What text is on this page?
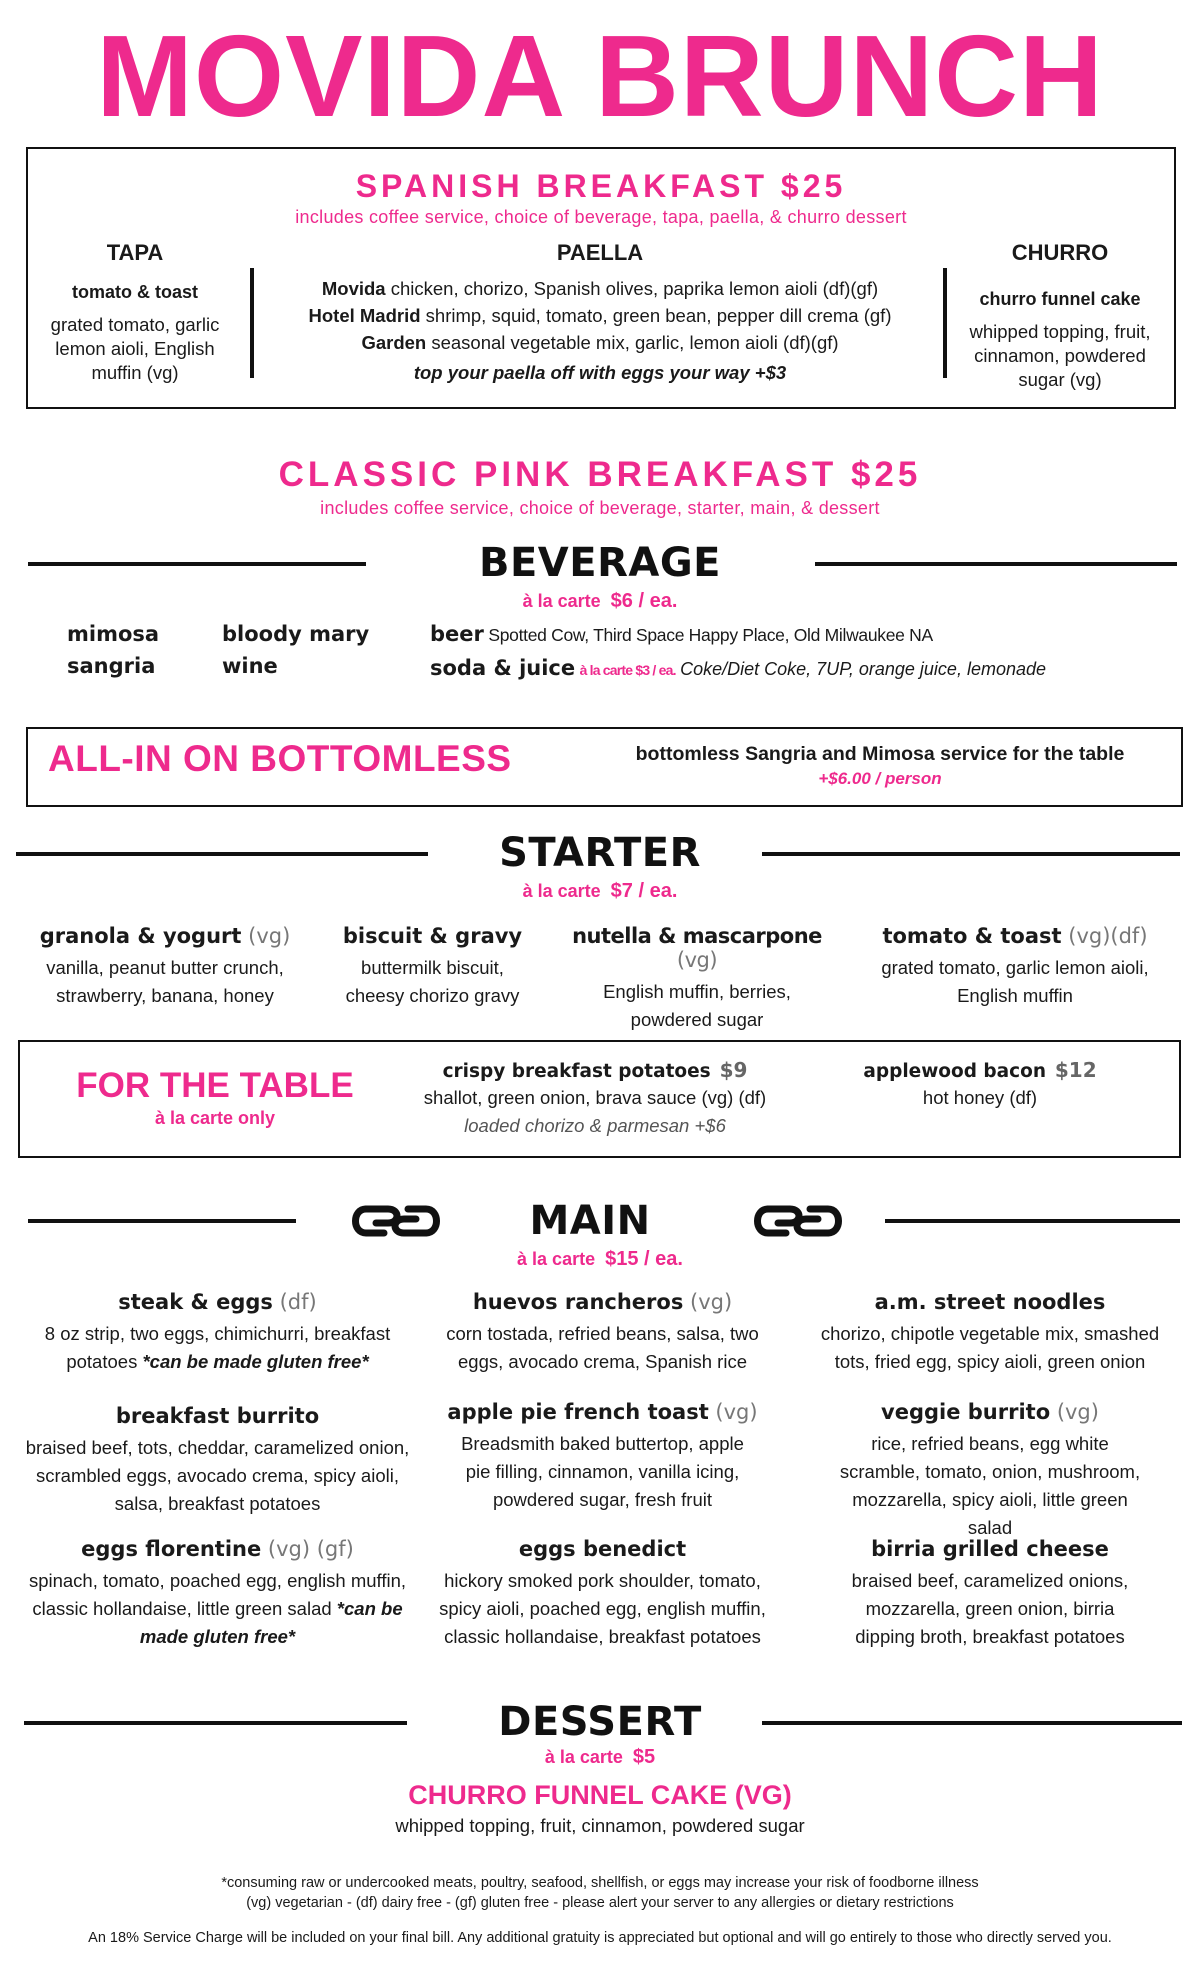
MOVIDA BRUNCH
SPANISH BREAKFAST $25
includes coffee service, choice of beverage, tapa, paella, & churro dessert
TAPA
tomato & toast
grated tomato, garlic lemon aioli, English muffin (vg)
PAELLA
Movida chicken, chorizo, Spanish olives, paprika lemon aioli (df)(gf)
Hotel Madrid shrimp, squid, tomato, green bean, pepper dill crema (gf)
Garden seasonal vegetable mix, garlic, lemon aioli (df)(gf)
top your paella off with eggs your way +$3
CHURRO
churro funnel cake
whipped topping, fruit, cinnamon, powdered sugar (vg)
CLASSIC PINK BREAKFAST $25
includes coffee service, choice of beverage, starter, main, & dessert
BEVERAGE
à la carte $6 / ea.
mimosa
sangria
bloody mary
wine
beer Spotted Cow, Third Space Happy Place, Old Milwaukee NA
soda & juice à la carte $3 / ea. Coke/Diet Coke, 7UP, orange juice, lemonade
ALL-IN ON BOTTOMLESS	bottomless Sangria and Mimosa service for the table
+$6.00 / person
STARTER
à la carte $7 / ea.
granola & yogurt (vg)
vanilla, peanut butter crunch, strawberry, banana, honey
biscuit & gravy
buttermilk biscuit, cheesy chorizo gravy
nutella & mascarpone (vg)
English muffin, berries, powdered sugar
tomato & toast (vg)(df)
grated tomato, garlic lemon aioli, English muffin
FOR THE TABLE
à la carte only
crispy breakfast potatoes $9
shallot, green onion, brava sauce (vg) (df)
loaded chorizo & parmesan +$6
applewood bacon $12
hot honey (df)
MAIN
à la carte $15 / ea.
steak & eggs (df)
8 oz strip, two eggs, chimichurri, breakfast potatoes *can be made gluten free*
huevos rancheros (vg)
corn tostada, refried beans, salsa, two eggs, avocado crema, Spanish rice
a.m. street noodles
chorizo, chipotle vegetable mix, smashed tots, fried egg, spicy aioli, green onion
breakfast burrito
braised beef, tots, cheddar, caramelized onion, scrambled eggs, avocado crema, spicy aioli, salsa, breakfast potatoes
apple pie french toast (vg)
Breadsmith baked buttertop, apple pie filling, cinnamon, vanilla icing, powdered sugar, fresh fruit
veggie burrito (vg)
rice, refried beans, egg white scramble, tomato, onion, mushroom, mozzarella, spicy aioli, little green salad
eggs florentine (vg) (gf)
spinach, tomato, poached egg, english muffin, classic hollandaise, little green salad *can be made gluten free*
eggs benedict
hickory smoked pork shoulder, tomato, spicy aioli, poached egg, english muffin, classic hollandaise, breakfast potatoes
birria grilled cheese
braised beef, caramelized onions, mozzarella, green onion, birria dipping broth, breakfast potatoes
DESSERT
à la carte $5
CHURRO FUNNEL CAKE (VG)
whipped topping, fruit, cinnamon, powdered sugar
*consuming raw or undercooked meats, poultry, seafood, shellfish, or eggs may increase your risk of foodborne illness
(vg) vegetarian - (df) dairy free - (gf) gluten free - please alert your server to any allergies or dietary restrictions
An 18% Service Charge will be included on your final bill. Any additional gratuity is appreciated but optional and will go entirely to those who directly served you.
